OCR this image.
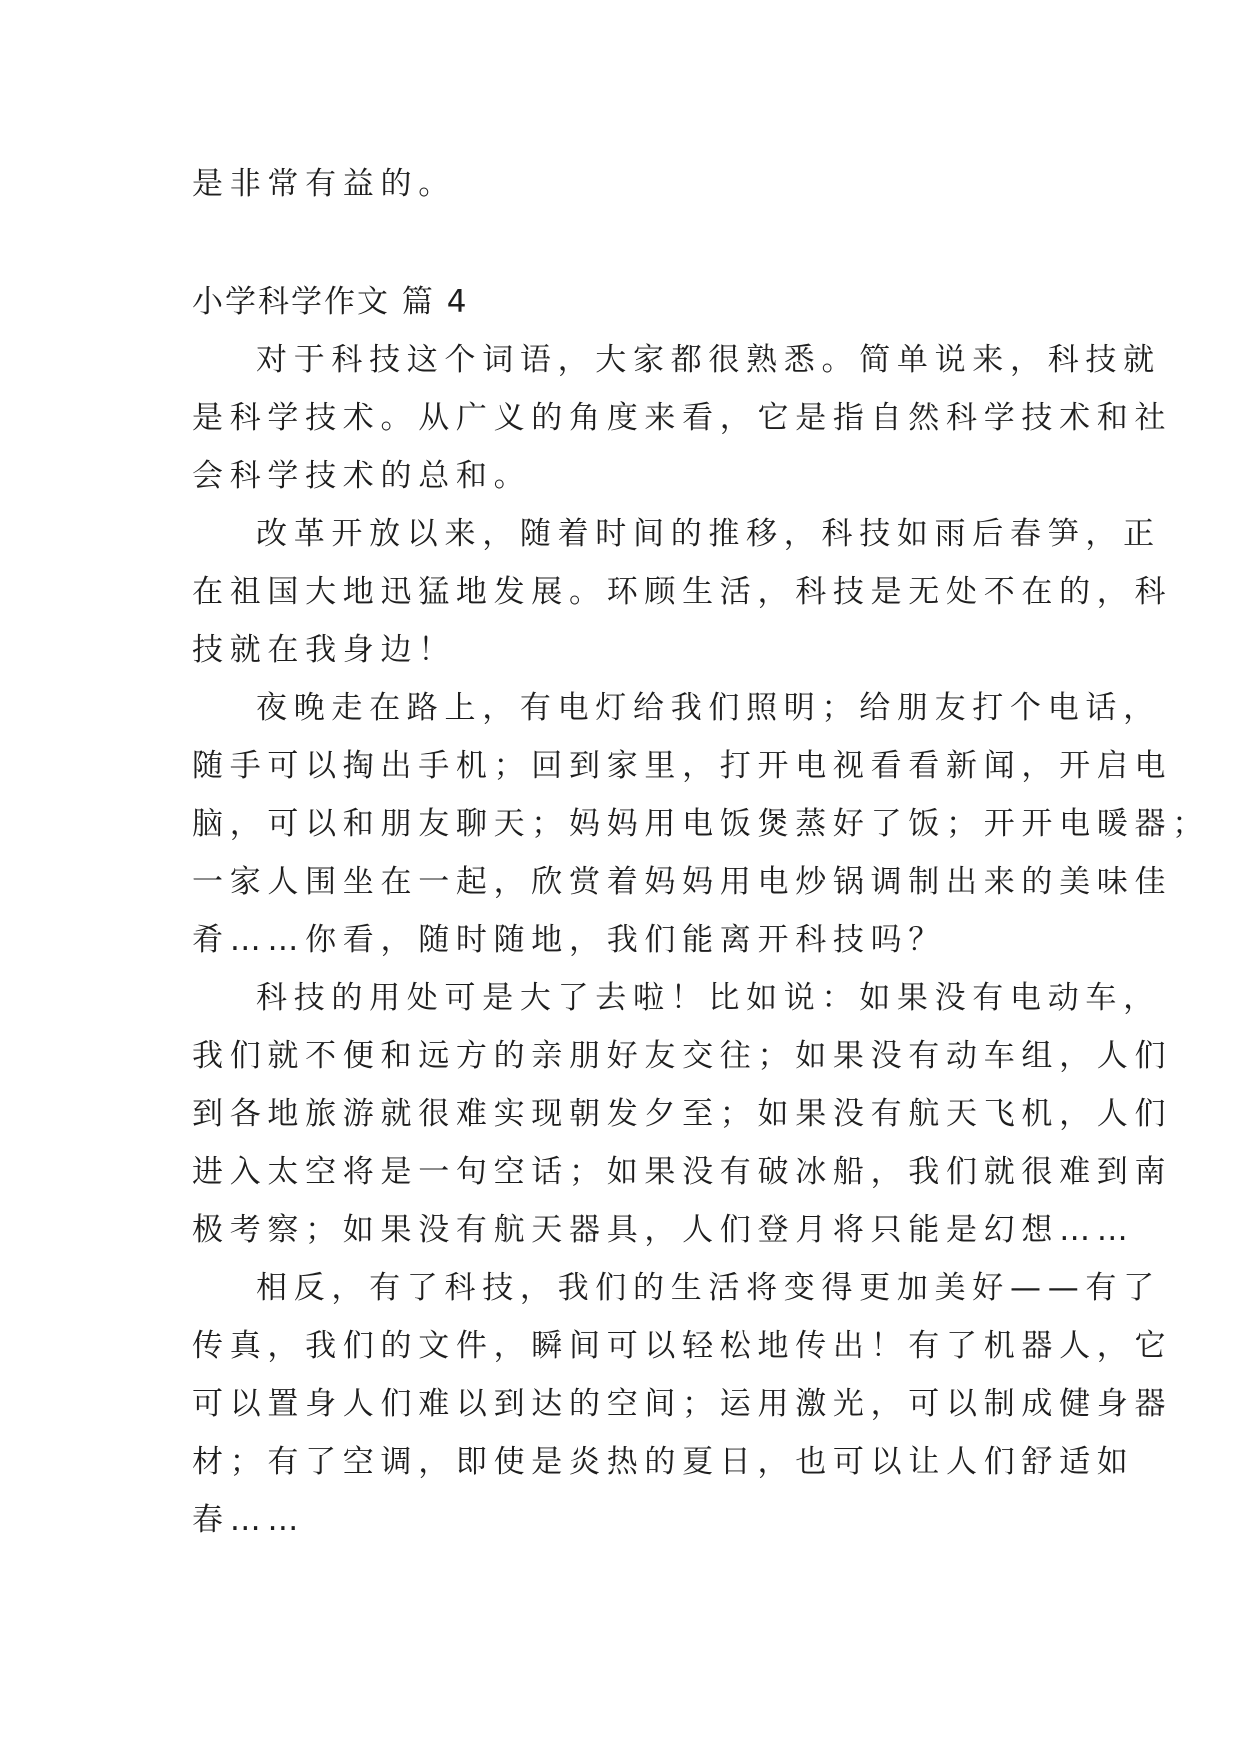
是非常有益的。

小学科学作文 篇 4

对于科技这个词语，大家都很熟悉。简单说来，科技就

是科学技术。从广义的角度来看，它是指自然科学技术和社

会科学技术的总和。

改革开放以来，随着时间的推移，科技如雨后春笋，正

在祖国大地迅猛地发展。环顾生活，科技是无处不在的，科

技就在我身边！

夜晚走在路上，有电灯给我们照明；给朋友打个电话，

随手可以掏出手机；回到家里，打开电视看看新闻，开启电

脑，可以和朋友聊天；妈妈用电饭煲蒸好了饭；开开电暖器；

一家人围坐在一起，欣赏着妈妈用电炒锅调制出来的美味佳

肴……你看，随时随地，我们能离开科技吗？

科技的用处可是大了去啦！比如说：如果没有电动车，

我们就不便和远方的亲朋好友交往；如果没有动车组，人们

到各地旅游就很难实现朝发夕至；如果没有航天飞机，人们

进入太空将是一句空话；如果没有破冰船，我们就很难到南

极考察；如果没有航天器具，人们登月将只能是幻想……

相反，有了科技，我们的生活将变得更加美好——有了

传真，我们的文件，瞬间可以轻松地传出！有了机器人，它

可以置身人们难以到达的空间；运用激光，可以制成健身器

材；有了空调，即使是炎热的夏日，也可以让人们舒适如

春……
